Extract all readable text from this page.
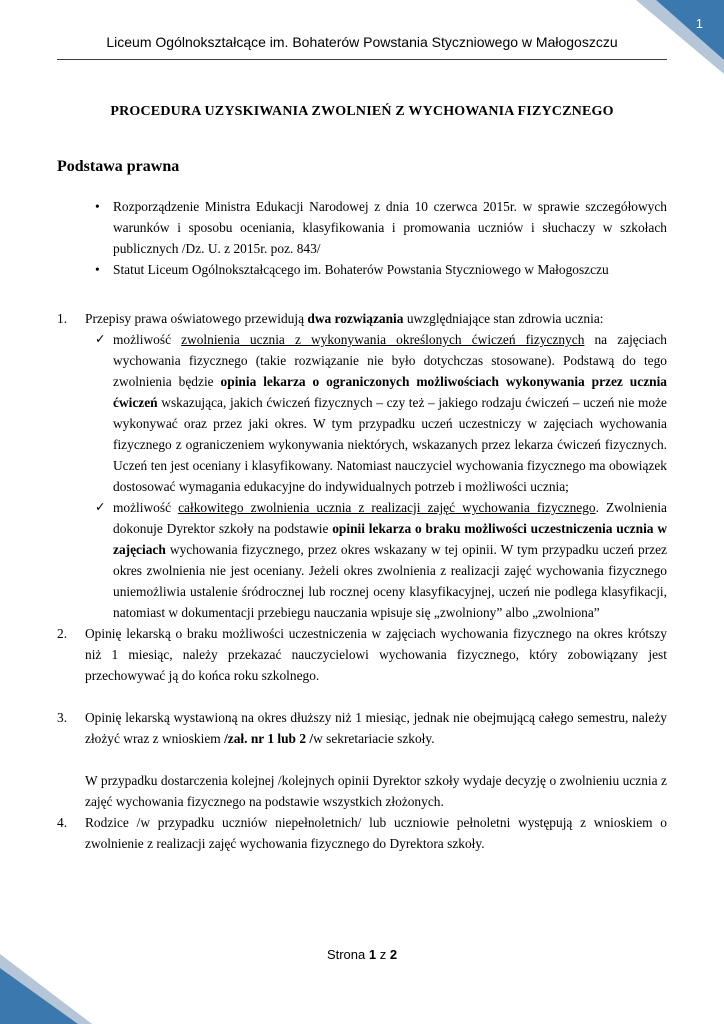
1
Liceum Ogólnokształcące im. Bohaterów Powstania Styczniowego w Małogoszczu
PROCEDURA UZYSKIWANIA ZWOLNIEŃ Z WYCHOWANIA FIZYCZNEGO
Podstawa prawna
• Rozporządzenie Ministra Edukacji Narodowej z dnia 10 czerwca 2015r. w sprawie szczegółowych warunków i sposobu oceniania, klasyfikowania i promowania uczniów i słuchaczy w szkołach publicznych /Dz. U. z 2015r. poz. 843/
• Statut Liceum Ogólnokształcącego im. Bohaterów Powstania Styczniowego w Małogoszczu
1.	Przepisy prawa oświatowego przewidują dwa rozwiązania uwzględniające stan zdrowia ucznia:
✓ możliwość zwolnienia ucznia z wykonywania określonych ćwiczeń fizycznych na zajęciach wychowania fizycznego (takie rozwiązanie nie było dotychczas stosowane). Podstawą do tego zwolnienia będzie opinia lekarza o ograniczonych możliwościach wykonywania przez ucznia ćwiczeń wskazująca, jakich ćwiczeń fizycznych – czy też – jakiego rodzaju ćwiczeń – uczeń nie może wykonywać oraz przez jaki okres. W tym przypadku uczeń uczestniczy w zajęciach wychowania fizycznego z ograniczeniem wykonywania niektórych, wskazanych przez lekarza ćwiczeń fizycznych. Uczeń ten jest oceniany i klasyfikowany. Natomiast nauczyciel wychowania fizycznego ma obowiązek dostosować wymagania edukacyjne do indywidualnych potrzeb i możliwości ucznia;
✓ możliwość całkowitego zwolnienia ucznia z realizacji zajęć wychowania fizycznego. Zwolnienia dokonuje Dyrektor szkoły na podstawie opinii lekarza o braku możliwości uczestniczenia ucznia w zajęciach wychowania fizycznego, przez okres wskazany w tej opinii. W tym przypadku uczeń przez okres zwolnienia nie jest oceniany. Jeżeli okres zwolnienia z realizacji zajęć wychowania fizycznego uniemożliwia ustalenie śródrocznej lub rocznej oceny klasyfikacyjnej, uczeń nie podlega klasyfikacji, natomiast w dokumentacji przebiegu nauczania wpisuje się „zwolniony” albo „zwolniona”
2.	Opinię lekarską o braku możliwości uczestniczenia w zajęciach wychowania fizycznego na okres krótszy niż 1 miesiąc, należy przekazać nauczycielowi wychowania fizycznego, który zobowiązany jest przechowywać ją do końca roku szkolnego.
3.	Opinię lekarską wystawioną na okres dłuższy niż 1 miesiąc, jednak nie obejmującą całego semestru, należy złożyć wraz z wnioskiem /zał. nr 1 lub 2 /w sekretariacie szkoły.
W przypadku dostarczenia kolejnej /kolejnych opinii Dyrektor szkoły wydaje decyzję o zwolnieniu ucznia z zajęć wychowania fizycznego na podstawie wszystkich złożonych.
4.	Rodzice /w przypadku uczniów niepełnoletnich/ lub uczniowie pełnoletni występują z wnioskiem o zwolnienie z realizacji zajęć wychowania fizycznego do Dyrektora szkoły.
Strona 1 z 2
